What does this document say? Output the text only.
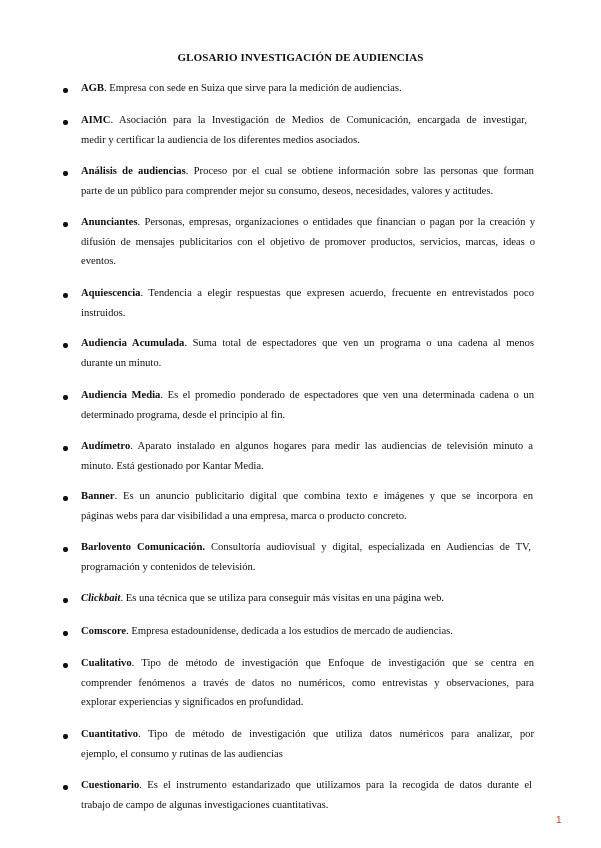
GLOSARIO INVESTIGACIÓN DE AUDIENCIAS
AGB. Empresa con sede en Suiza que sirve para la medición de audiencias.
AIMC. Asociación para la Investigación de Medios de Comunicación, encargada de investigar,
medir y certificar la audiencia de los diferentes medios asociados.
Análisis de audiencias. Proceso por el cual se obtiene información sobre las personas que forman
parte de un público para comprender mejor su consumo, deseos, necesidades, valores y actitudes.
Anunciantes. Personas, empresas, organizaciones o entidades que financian o pagan por la creación y
difusión de mensajes publicitarios con el objetivo de promover productos, servicios, marcas, ideas o
eventos.
Aquiescencia. Tendencia a elegir respuestas que expresen acuerdo, frecuente en entrevistados poco
instruidos.
Audiencia Acumulada. Suma total de espectadores que ven un programa o una cadena al menos
durante un minuto.
Audiencia Media. Es el promedio ponderado de espectadores que ven una determinada cadena o un
determinado programa, desde el principio al fin.
Audímetro. Aparato instalado en algunos hogares para medir las audiencias de televisión minuto a
minuto. Está gestionado por Kantar Media.
Banner. Es un anuncio publicitario digital que combina texto e imágenes y que se incorpora en
páginas webs para dar visibilidad a una empresa, marca o producto concreto.
Barlovento Comunicación. Consultoría audiovisual y digital, especializada en Audiencias de TV,
programación y contenidos de televisión.
Clickbait. Es una técnica que se utiliza para conseguir más visitas en una página web.
Comscore. Empresa estadounidense, dedicada a los estudios de mercado de audiencias.
Cualitativo. Tipo de método de investigación que Enfoque de investigación que se centra en
comprender fenómenos a través de datos no numéricos, como entrevistas y observaciones, para
explorar experiencias y significados en profundidad.
Cuantitativo. Tipo de método de investigación que utiliza datos numéricos para analizar, por
ejemplo, el consumo y rutinas de las audiencias
Cuestionario. Es el instrumento estandarizado que utilizamos para la recogida de datos durante el
trabajo de campo de algunas investigaciones cuantitativas.
1
